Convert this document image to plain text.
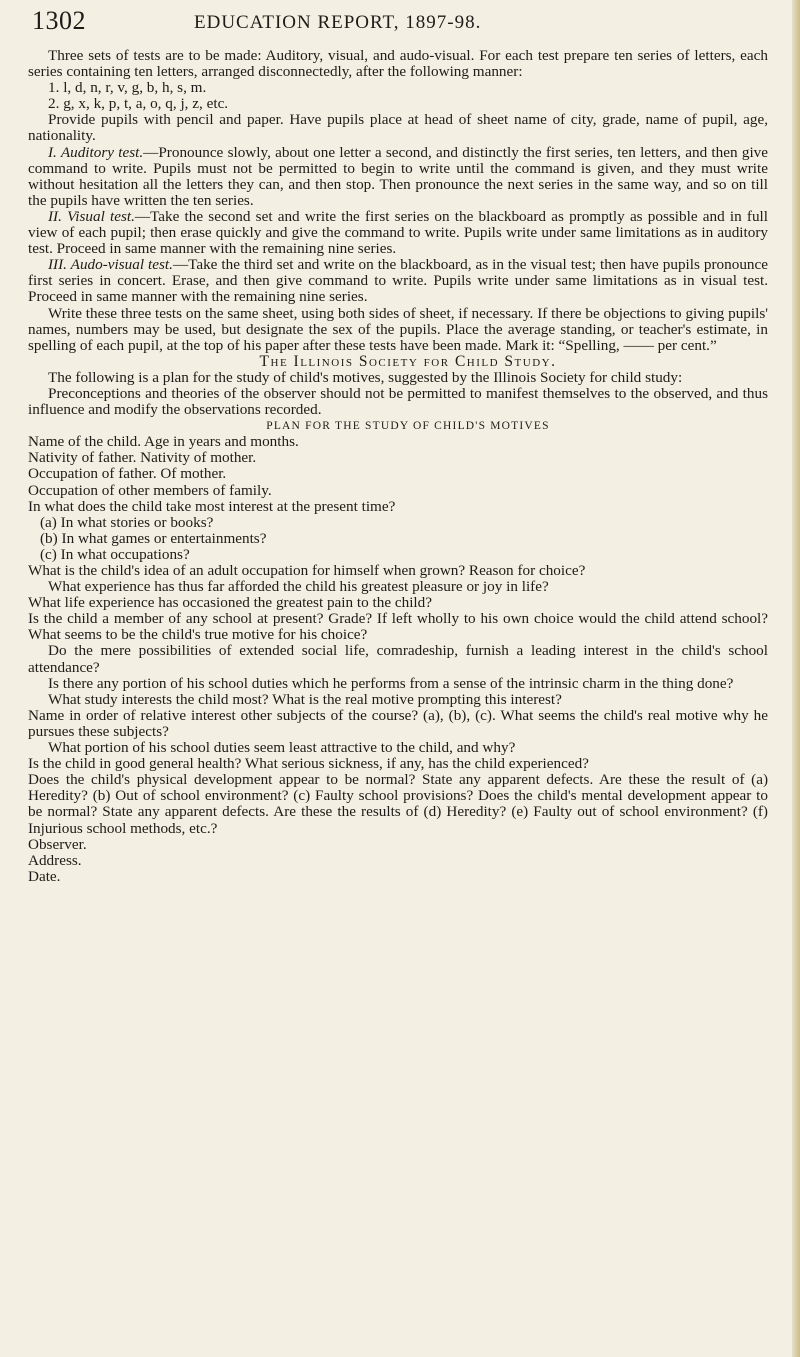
1302	EDUCATION REPORT, 1897-98.

Three sets of tests are to be made: Auditory, visual, and audo-visual. For each test prepare ten series of letters, each series containing ten letters, arranged disconnectedly, after the following manner:

1. l, d, n, r, v, g, b, h, s, m.

2. g, x, k, p, t, a, o, q, j, z, etc.

Provide pupils with pencil and paper. Have pupils place at head of sheet name of city, grade, name of pupil, age, nationality.

I. Auditory test.—Pronounce slowly, about one letter a second, and distinctly the first series, ten letters, and then give command to write. Pupils must not be permitted to begin to write until the command is given, and they must write without hesitation all the letters they can, and then stop. Then pronounce the next series in the same way, and so on till the pupils have written the ten series.

II. Visual test.—Take the second set and write the first series on the blackboard as promptly as possible and in full view of each pupil; then erase quickly and give the command to write. Pupils write under same limitations as in auditory test. Proceed in same manner with the remaining nine series.

III. Audo-visual test.—Take the third set and write on the blackboard, as in the visual test; then have pupils pronounce first series in concert. Erase, and then give command to write. Pupils write under same limitations as in visual test. Proceed in same manner with the remaining nine series.

Write these three tests on the same sheet, using both sides of sheet, if necessary. If there be objections to giving pupils' names, numbers may be used, but designate the sex of the pupils. Place the average standing, or teacher's estimate, in spelling of each pupil, at the top of his paper after these tests have been made. Mark it: “Spelling, —— per cent.”

The Illinois Society for Child Study.

The following is a plan for the study of child's motives, suggested by the Illinois Society for child study:

Preconceptions and theories of the observer should not be permitted to manifest themselves to the observed, and thus influence and modify the observations recorded.

PLAN FOR THE STUDY OF CHILD'S MOTIVES

Name of the child. Age in years and months.

Nativity of father. Nativity of mother.

Occupation of father. Of mother.

Occupation of other members of family.

In what does the child take most interest at the present time?

(a) In what stories or books?

(b) In what games or entertainments?

(c) In what occupations?

What is the child's idea of an adult occupation for himself when grown? Reason for choice?

What experience has thus far afforded the child his greatest pleasure or joy in life?

What life experience has occasioned the greatest pain to the child?

Is the child a member of any school at present? Grade? If left wholly to his own choice would the child attend school? What seems to be the child's true motive for his choice?

Do the mere possibilities of extended social life, comradeship, furnish a leading interest in the child's school attendance?

Is there any portion of his school duties which he performs from a sense of the intrinsic charm in the thing done?

What study interests the child most? What is the real motive prompting this interest?

Name in order of relative interest other subjects of the course? (a), (b), (c). What seems the child's real motive why he pursues these subjects?

What portion of his school duties seem least attractive to the child, and why?

Is the child in good general health? What serious sickness, if any, has the child experienced?

Does the child's physical development appear to be normal? State any apparent defects. Are these the result of (a) Heredity? (b) Out of school environment? (c) Faulty school provisions? Does the child's mental development appear to be normal? State any apparent defects. Are these the results of (d) Heredity? (e) Faulty out of school environment? (f) Injurious school methods, etc.?

Observer.

Address.

Date.
